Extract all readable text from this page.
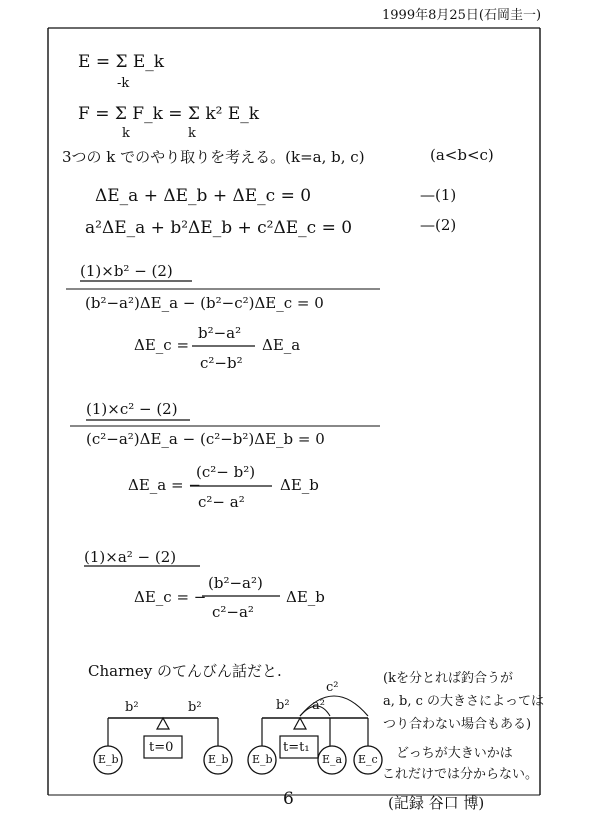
1999年8月25日(石岡圭一)
E = Σ E_k
-k
F = Σ F_k = Σ k² E_k
k	k
3つの k でのやり取りを考える。(k=a, b, c)	(a<b<c)
ΔE_a + ΔE_b + ΔE_c = 0	—(1)
a²ΔE_a + b²ΔE_b + c²ΔE_c = 0	—(2)
(1)×b² − (2)
(b²−a²)ΔE_a − (b²−c²)ΔE_c = 0
ΔE_c =
b²−a²
c²−b²
ΔE_a
(1)×c² − (2)
(c²−a²)ΔE_a − (c²−b²)ΔE_b = 0
ΔE_a = −
(c²− b²)
c²− a²
ΔE_b
(1)×a² − (2)
ΔE_c = −
(b²−a²)
c²−a²
ΔE_b
Charney のてんびん話だと.	(kを分とれば釣合うが
a, b, c の大きさによっては
つり合わない場合もある)
どっちが大きいかは
これだけでは分からない。
b²	b²
t=0
E_b	E_b
b² a²
c²
t=t₁
E_b	E_a E_c
6	(記録 谷口 博)
